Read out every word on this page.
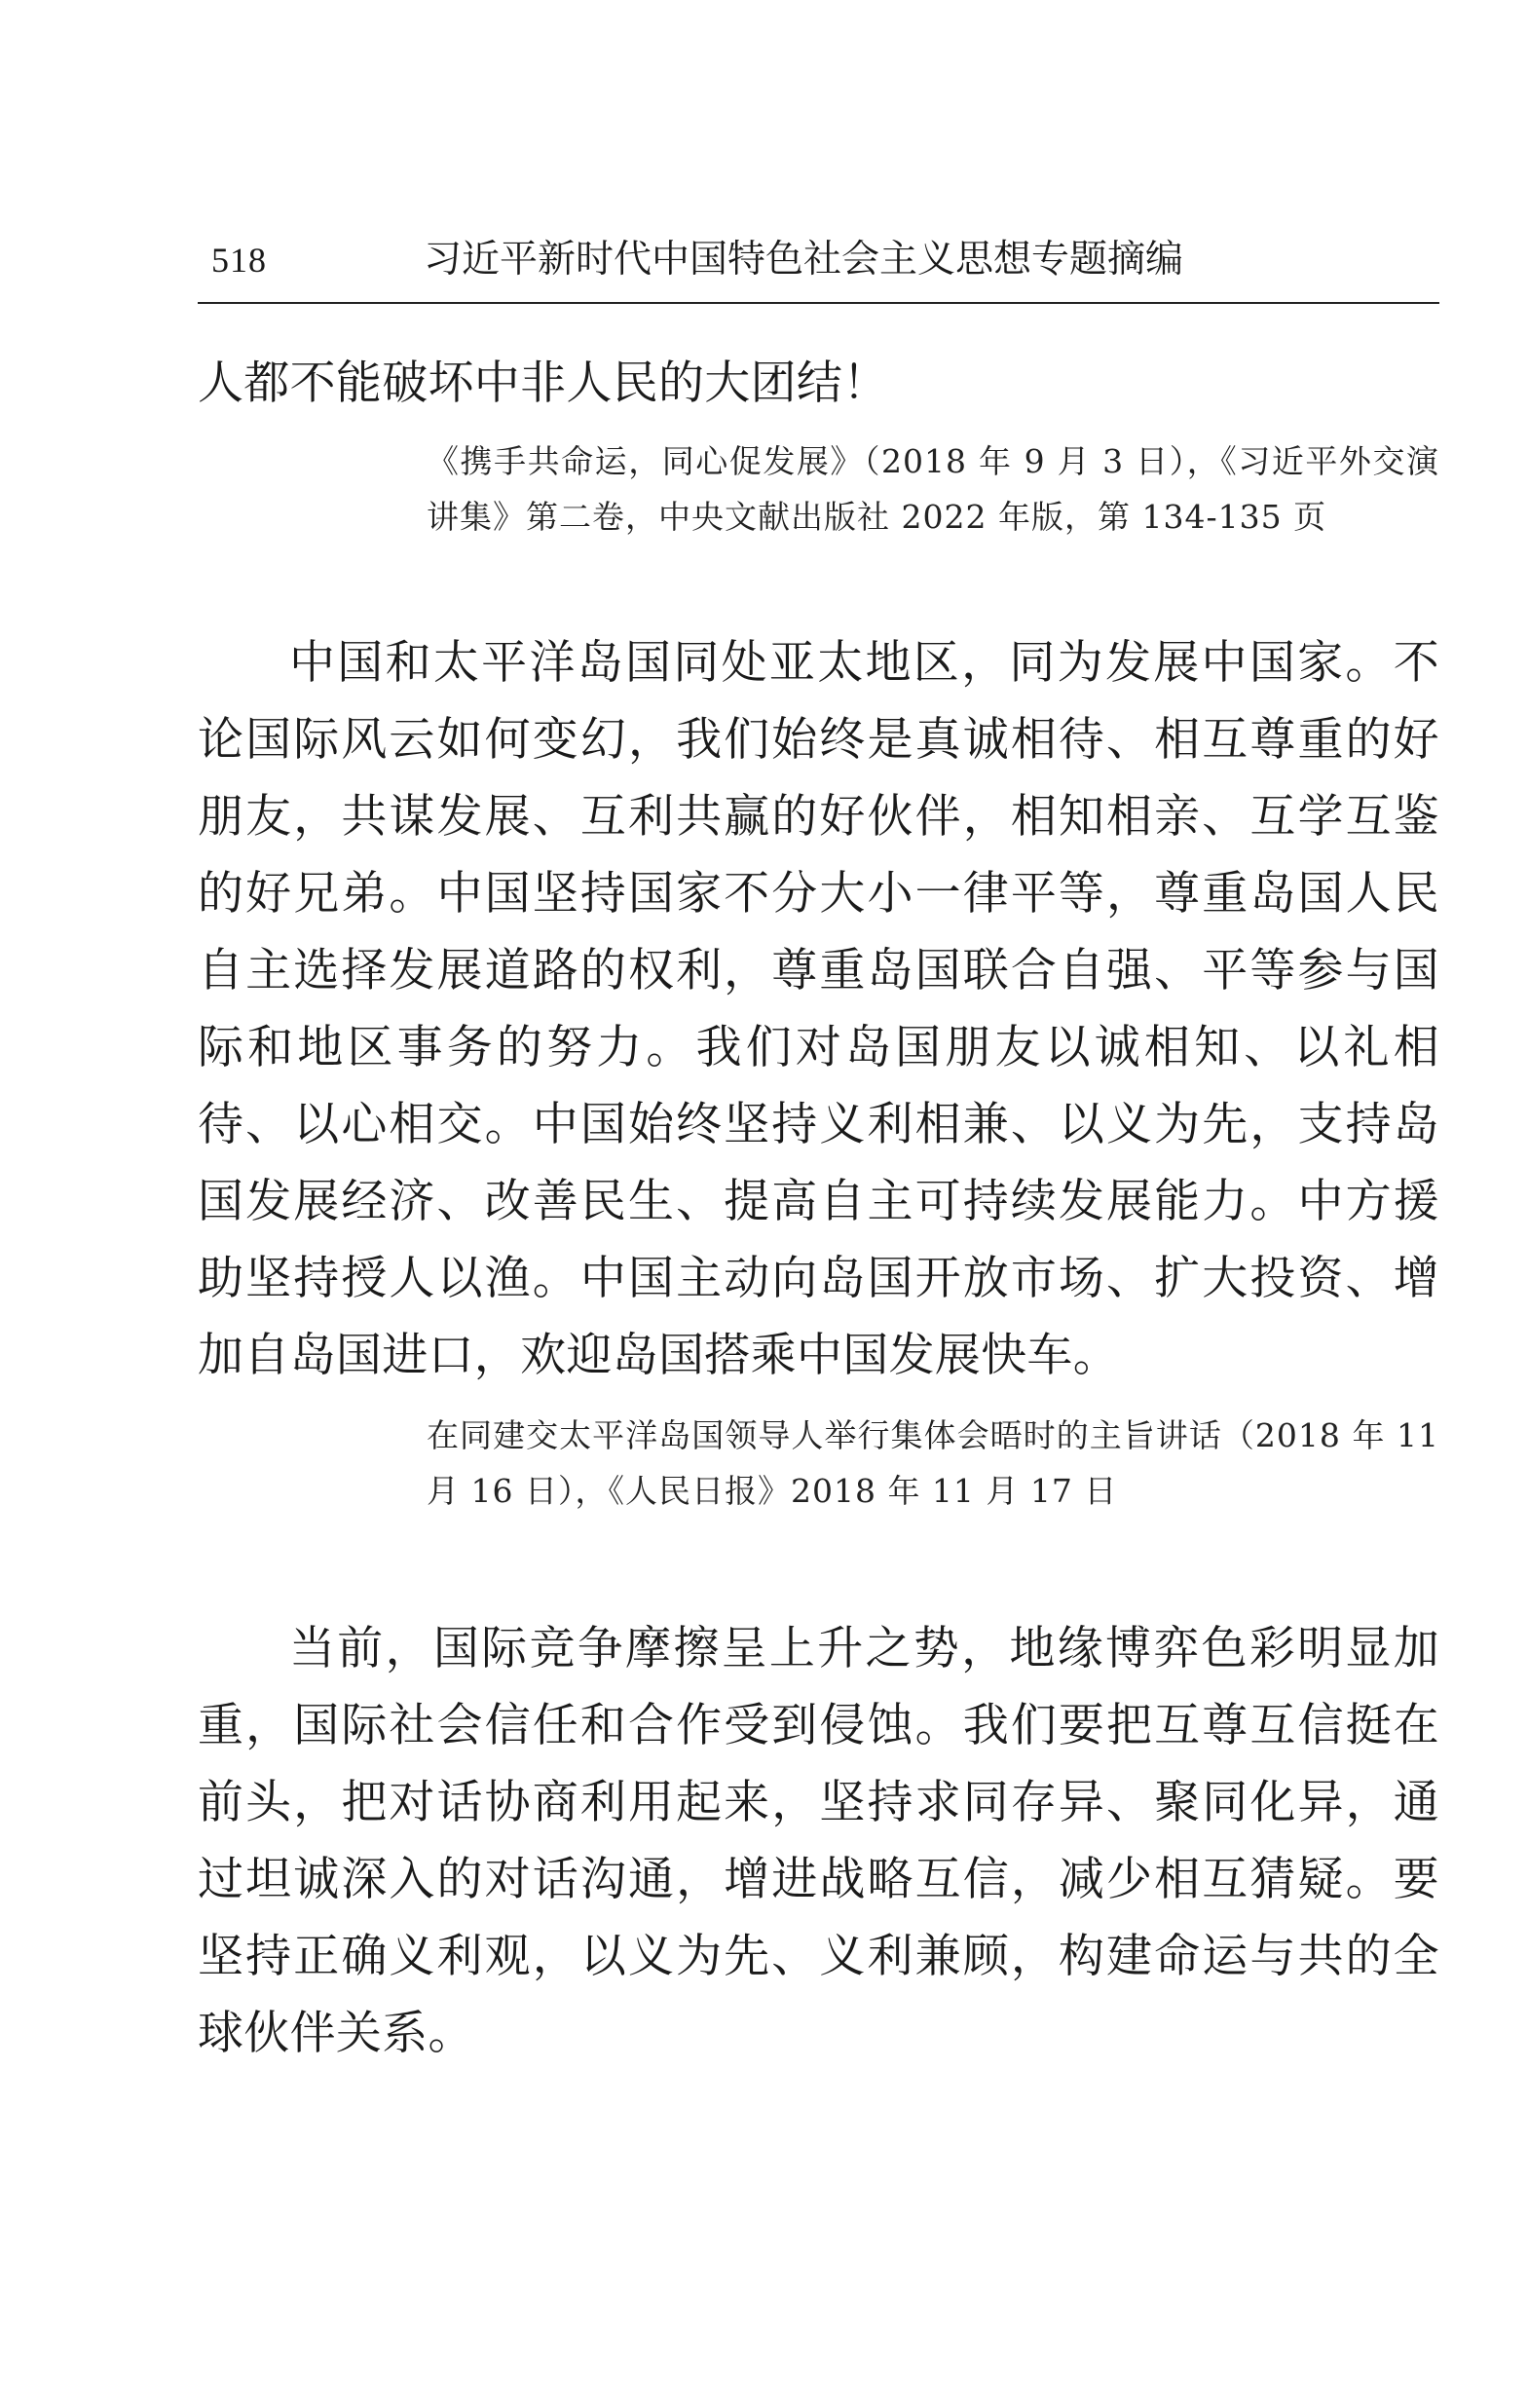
518	习近平新时代中国特色社会主义思想专题摘编

人都不能破坏中非人民的大团结！

《携手共命运，同心促发展》（2018 年 9 月 3 日），《习近平外交演讲集》第二卷，中央文献出版社 2022 年版，第 134-135 页

中国和太平洋岛国同处亚太地区，同为发展中国家。不论国际风云如何变幻，我们始终是真诚相待、相互尊重的好朋友，共谋发展、互利共赢的好伙伴，相知相亲、互学互鉴的好兄弟。中国坚持国家不分大小一律平等，尊重岛国人民自主选择发展道路的权利，尊重岛国联合自强、平等参与国际和地区事务的努力。我们对岛国朋友以诚相知、以礼相待、以心相交。中国始终坚持义利相兼、以义为先，支持岛国发展经济、改善民生、提高自主可持续发展能力。中方援助坚持授人以渔。中国主动向岛国开放市场、扩大投资、增加自岛国进口，欢迎岛国搭乘中国发展快车。

在同建交太平洋岛国领导人举行集体会晤时的主旨讲话（2018 年 11 月 16 日），《人民日报》2018 年 11 月 17 日

当前，国际竞争摩擦呈上升之势，地缘博弈色彩明显加重，国际社会信任和合作受到侵蚀。我们要把互尊互信挺在前头，把对话协商利用起来，坚持求同存异、聚同化异，通过坦诚深入的对话沟通，增进战略互信，减少相互猜疑。要坚持正确义利观，以义为先、义利兼顾，构建命运与共的全球伙伴关系。
